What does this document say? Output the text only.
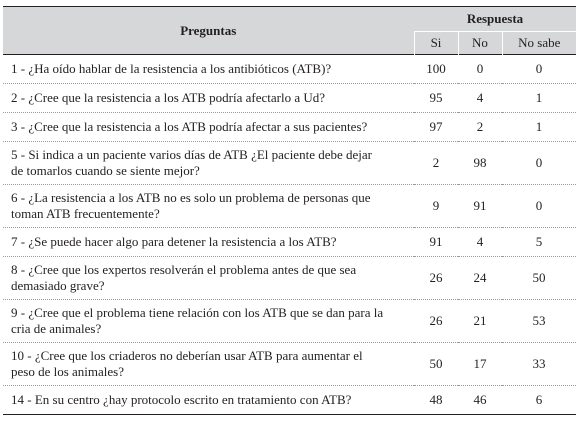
Preguntas	Respuesta		
	Si	No	No sabe
1 - ¿Ha oído hablar de la resistencia a los antibióticos (ATB)?	100	0	0
2 - ¿Cree que la resistencia a los ATB podría afectarlo a Ud?	95	4	1
3 - ¿Cree que la resistencia a los ATB podría afectar a sus pacientes?	97	2	1
5 - Si indica a un paciente varios días de ATB ¿El paciente debe dejar de tomarlos cuando se siente mejor?	2	98	0
6 - ¿La resistencia a los ATB no es solo un problema de personas que toman ATB frecuentemente?	9	91	0
7 - ¿Se puede hacer algo para detener la resistencia a los ATB?	91	4	5
8 - ¿Cree que los expertos resolverán el problema antes de que sea demasiado grave?	26	24	50
9 - ¿Cree que el problema tiene relación con los ATB que se dan para la cria de animales?	26	21	53
10 - ¿Cree que los criaderos no deberían usar ATB para aumentar el peso de los animales?	50	17	33
14 - En su centro ¿hay protocolo escrito en tratamiento con ATB?	48	46	6
